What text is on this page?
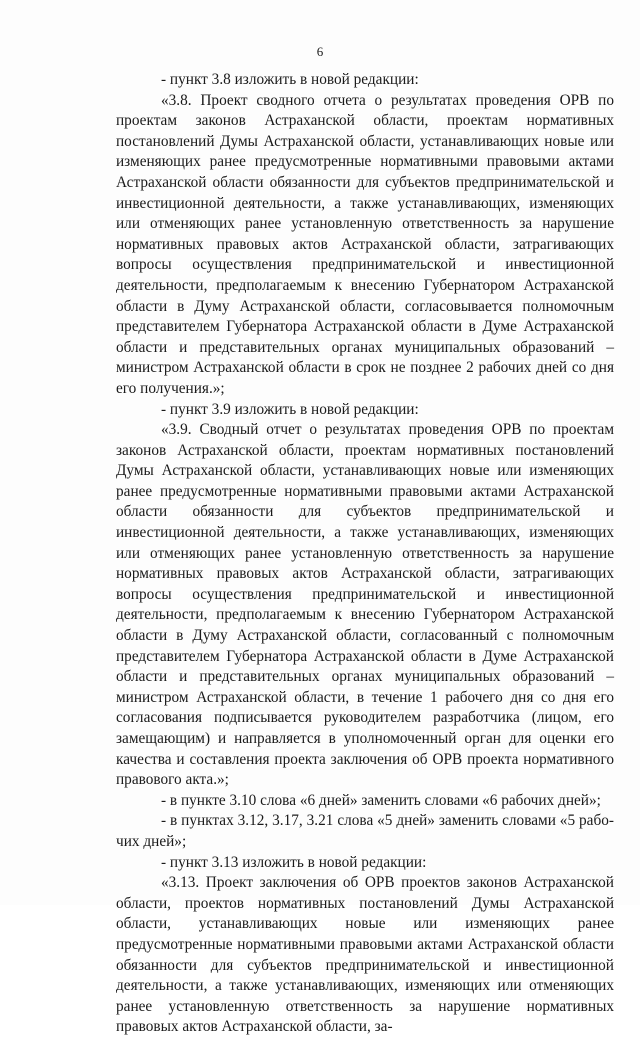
6

- пункт 3.8 изложить в новой редакции:

«3.8. Проект сводного отчета о результатах проведения ОРВ по проектам законов Астраханской области, проектам нормативных постановлений Думы Астраханской области, устанавливающих новые или изменяющих ранее предусмотренные нормативными правовыми актами Астраханской области обязанности для субъектов предпринимательской и инвестиционной деятельности, а также устанавливающих, изменяющих или отменяющих ранее установленную ответственность за нарушение нормативных правовых актов Астраханской области, затрагивающих вопросы осуществления предпринимательской и инвестиционной деятельности, предполагаемым к внесению Губернатором Астраханской области в Думу Астраханской области, согласовывается полномочным представителем Губернатора Астраханской области в Думе Астраханской области и представительных органах муниципальных образований – министром Астраханской области в срок не позднее 2 рабочих дней со дня его получения.»;

- пункт 3.9 изложить в новой редакции:

«3.9. Сводный отчет о результатах проведения ОРВ по проектам законов Астраханской области, проектам нормативных постановлений Думы Астраханской области, устанавливающих новые или изменяющих ранее предусмотренные нормативными правовыми актами Астраханской области обязанности для субъектов предпринимательской и инвестиционной деятельности, а также устанавливающих, изменяющих или отменяющих ранее установленную ответственность за нарушение нормативных правовых актов Астраханской области, затрагивающих вопросы осуществления предпринимательской и инвестиционной деятельности, предполагаемым к внесению Губернатором Астраханской области в Думу Астраханской области, согласованный с полномочным представителем Губернатора Астраханской области в Думе Астраханской области и представительных органах муниципальных образований – министром Астраханской области, в течение 1 рабочего дня со дня его согласования подписывается руководителем разработчика (лицом, его замещающим) и направляется в уполномоченный орган для оценки его качества и составления проекта заключения об ОРВ проекта нормативного правового акта.»;

- в пункте 3.10 слова «6 дней» заменить словами «6 рабочих дней»;

- в пунктах 3.12, 3.17, 3.21 слова «5 дней» заменить словами «5 рабочих дней»;

- пункт 3.13 изложить в новой редакции:

«3.13. Проект заключения об ОРВ проектов законов Астраханской области, проектов нормативных постановлений Думы Астраханской области, устанавливающих новые или изменяющих ранее предусмотренные нормативными правовыми актами Астраханской области обязанности для субъектов предпринимательской и инвестиционной деятельности, а также устанавливающих, изменяющих или отменяющих ранее установленную ответственность за нарушение нормативных правовых актов Астраханской области, за-
